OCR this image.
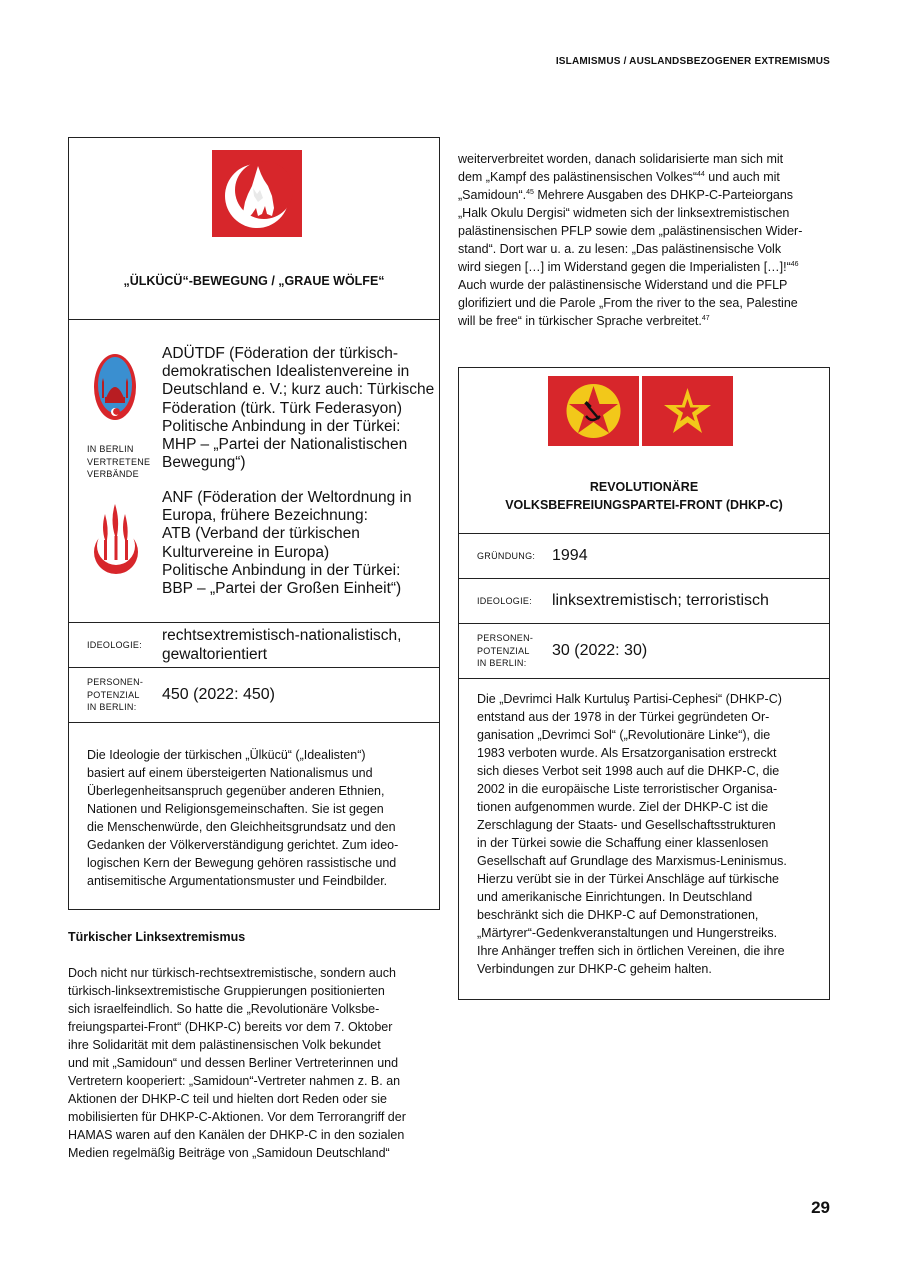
ISLAMISMUS / AUSLANDSBEZOGENER EXTREMISMUS
„ÜLKÜCÜ“-BEWEGUNG / „GRAUE WÖLFE“
IN BERLIN
VERTRETENE
VERBÄNDE
ADÜTDF (Föderation der türkisch-
demokratischen Idealistenvereine in
Deutschland e. V.; kurz auch: Türkische
Föderation (türk. Türk Federasyon)
Politische Anbindung in der Türkei:
MHP – „Partei der Nationalistischen
Bewegung“)
ANF (Föderation der Weltordnung in
Europa, frühere Bezeichnung:
ATB (Verband der türkischen
Kulturvereine in Europa)
Politische Anbindung in der Türkei:
BBP – „Partei der Großen Einheit“)
IDEOLOGIE:
rechtsextremistisch-nationalistisch,
gewaltorientiert
PERSONEN-
POTENZIAL
IN BERLIN:
450 (2022: 450)
Die Ideologie der türkischen „Ülkücü“ („Idealisten“)
basiert auf einem übersteigerten Nationalismus und
Überlegenheitsanspruch gegenüber anderen Ethnien,
Nationen und Religionsgemeinschaften. Sie ist gegen
die Menschenwürde, den Gleichheitsgrundsatz und den
Gedanken der Völkerverständigung gerichtet. Zum ideo-
logischen Kern der Bewegung gehören rassistische und
antisemitische Argumentationsmuster und Feindbilder.
Türkischer Linksextremismus
Doch nicht nur türkisch-rechtsextremistische, sondern auch
türkisch-linksextremistische Gruppierungen positionierten
sich israelfeindlich. So hatte die „Revolutionäre Volksbe-
freiungspartei-Front“ (DHKP-C) bereits vor dem 7. Oktober
ihre Solidarität mit dem palästinensischen Volk bekundet
und mit „Samidoun“ und dessen Berliner Vertreterinnen und
Vertretern kooperiert: „Samidoun“-Vertreter nahmen z. B. an
Aktionen der DHKP-C teil und hielten dort Reden oder sie
mobilisierten für DHKP-C-Aktionen. Vor dem Terrorangriff der
HAMAS waren auf den Kanälen der DHKP-C in den sozialen
Medien regelmäßig Beiträge von „Samidoun Deutschland“
weiterverbreitet worden, danach solidarisierte man sich mit
dem „Kampf des palästinensischen Volkes“$^{44}$ und auch mit
„Samidoun“.$^{45}$ Mehrere Ausgaben des DHKP-C-Parteiorgans
„Halk Okulu Dergisi“ widmeten sich der linksextremistischen
palästinensischen PFLP sowie dem „palästinensischen Wider-
stand“. Dort war u. a. zu lesen: „Das palästinensische Volk
wird siegen […] im Widerstand gegen die Imperialisten […]!“$^{46}$
Auch wurde der palästinensische Widerstand und die PFLP
glorifiziert und die Parole „From the river to the sea, Palestine
will be free“ in türkischer Sprache verbreitet.$^{47}$
REVOLUTIONÄRE
VOLKSBEFREIUNGSPARTEI-FRONT (DHKP-C)
GRÜNDUNG: 1994
IDEOLOGIE: linksextremistisch; terroristisch
PERSONEN-
POTENZIAL
IN BERLIN:
30 (2022: 30)
Die „Devrimci Halk Kurtuluş Partisi-Cephesi“ (DHKP-C)
entstand aus der 1978 in der Türkei gegründeten Or-
ganisation „Devrimci Sol“ („Revolutionäre Linke“), die
1983 verboten wurde. Als Ersatzorganisation erstreckt
sich dieses Verbot seit 1998 auch auf die DHKP-C, die
2002 in die europäische Liste terroristischer Organisa-
tionen aufgenommen wurde. Ziel der DHKP-C ist die
Zerschlagung der Staats- und Gesellschaftsstrukturen
in der Türkei sowie die Schaffung einer klassenlosen
Gesellschaft auf Grundlage des Marxismus-Leninismus.
Hierzu verübt sie in der Türkei Anschläge auf türkische
und amerikanische Einrichtungen. In Deutschland
beschränkt sich die DHKP-C auf Demonstrationen,
„Märtyrer“-Gedenkveranstaltungen und Hungerstreiks.
Ihre Anhänger treffen sich in örtlichen Vereinen, die ihre
Verbindungen zur DHKP-C geheim halten.
29
